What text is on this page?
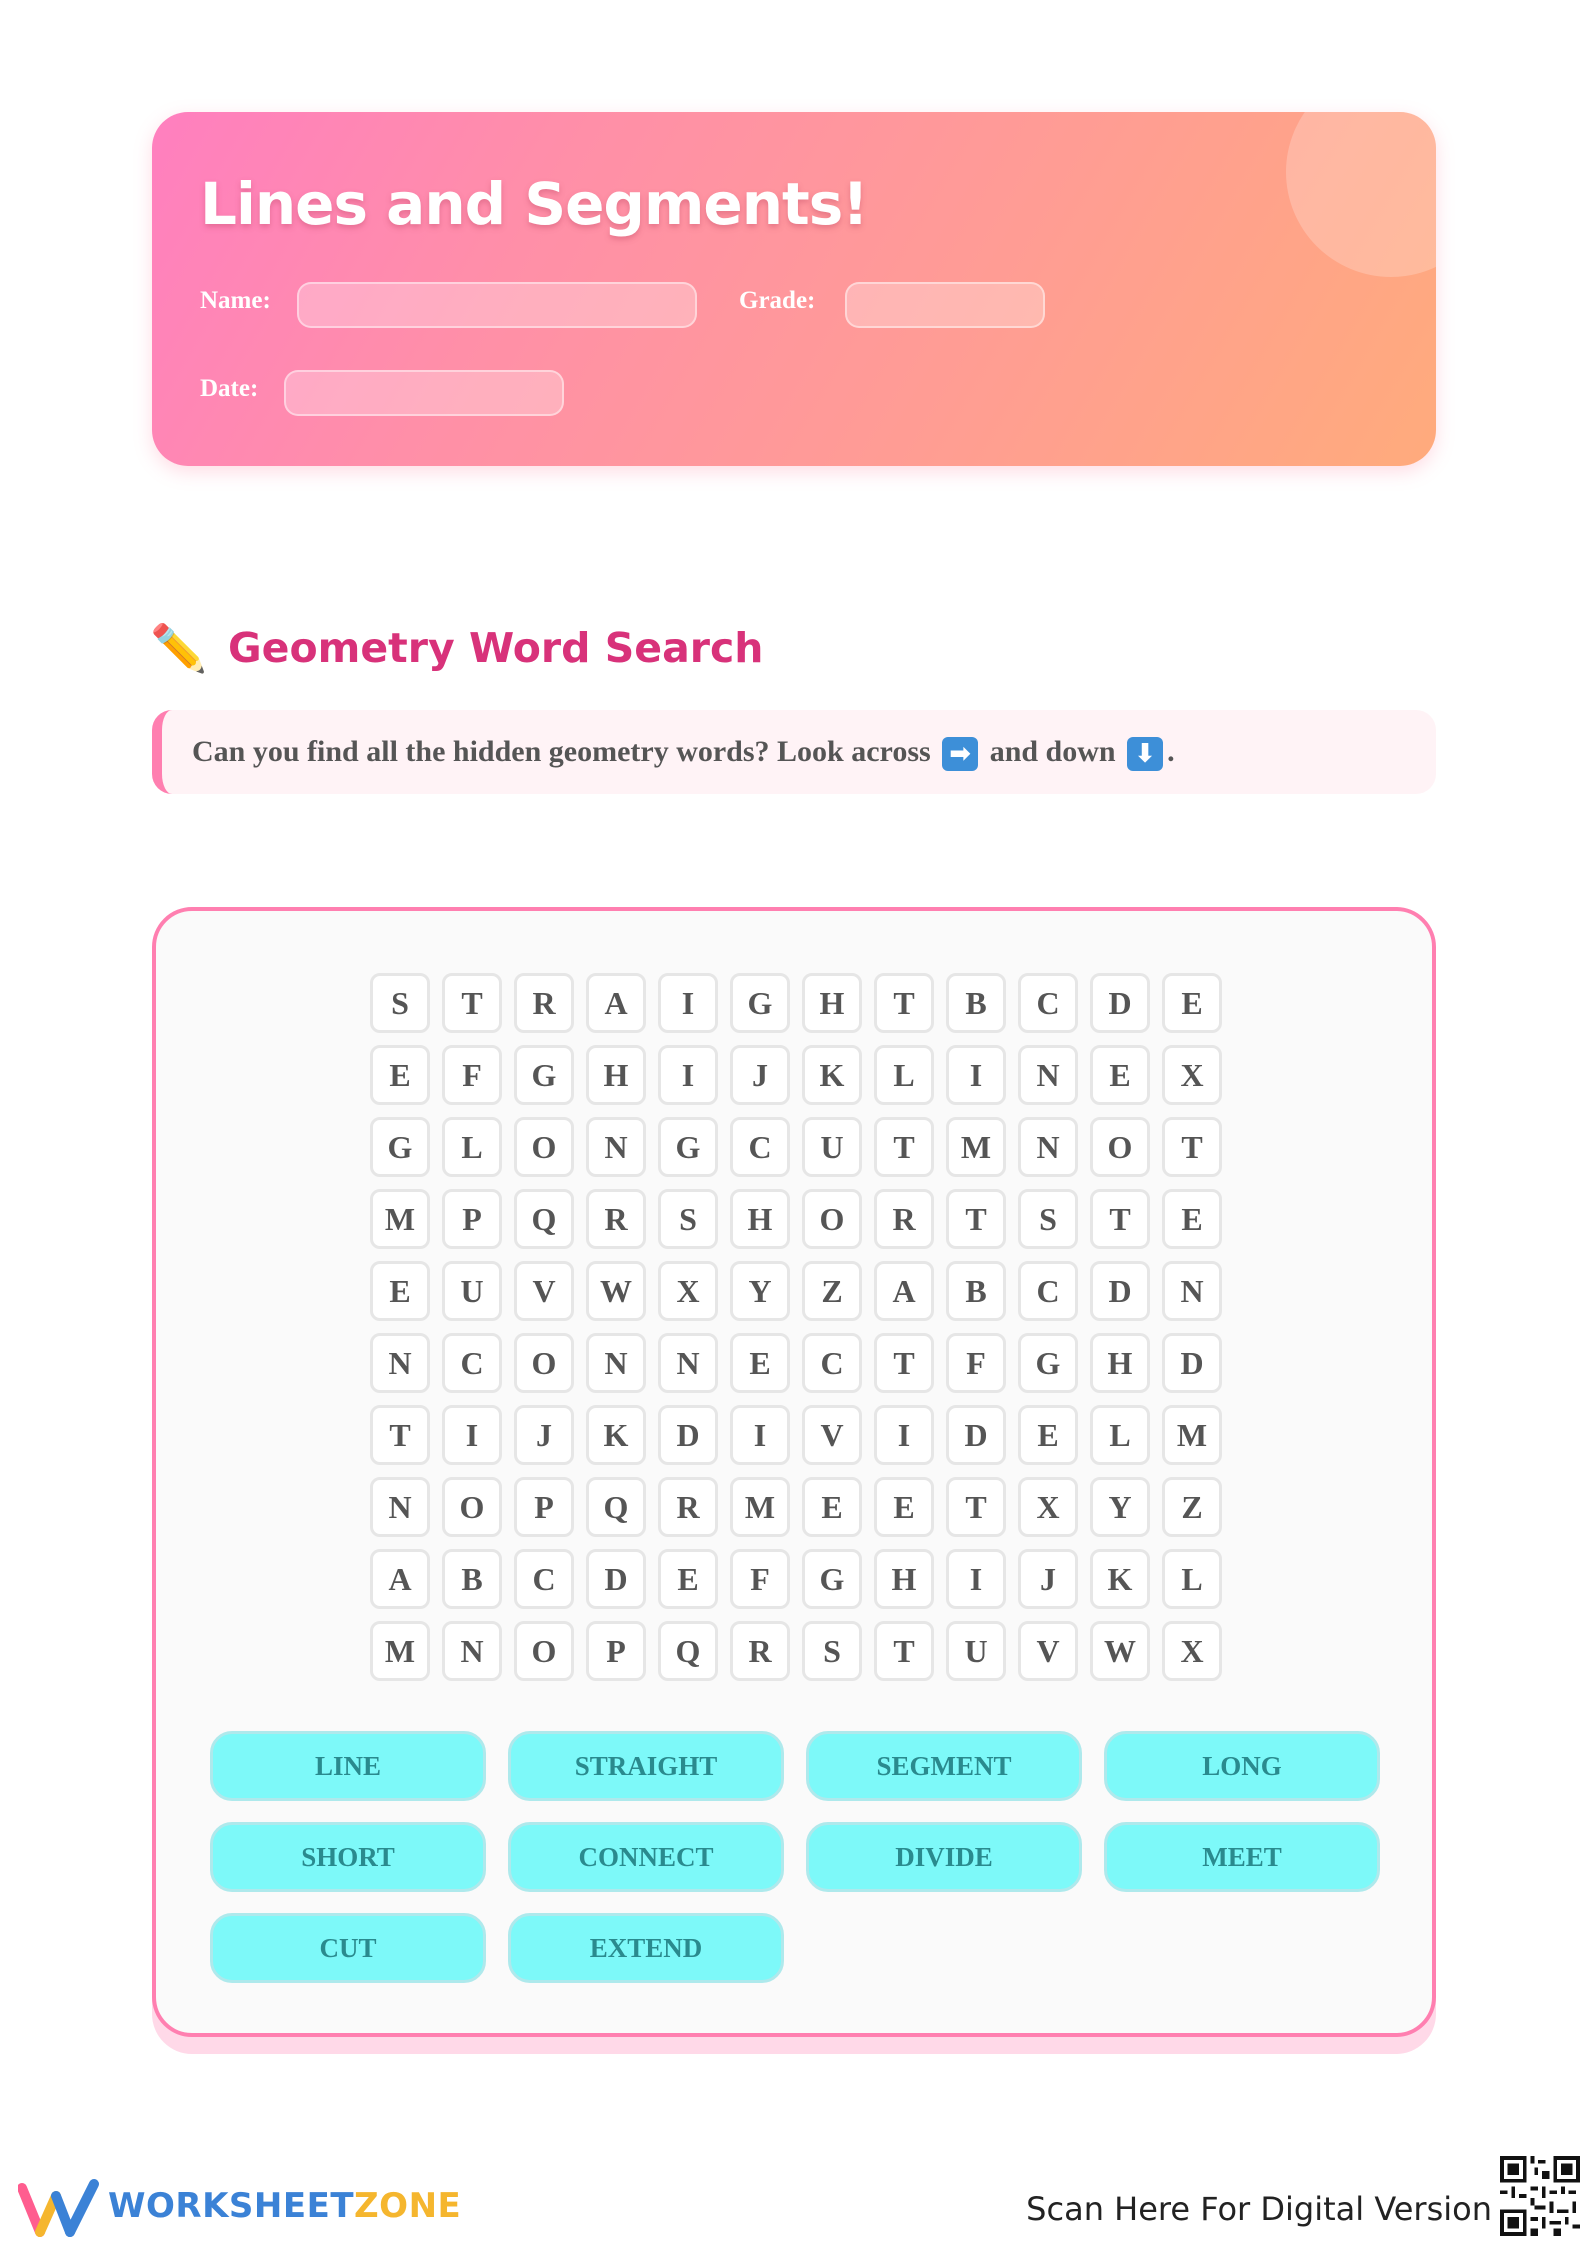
Lines and Segments!
Name:	Grade:
Date:
✏️ Geometry Word Search
Can you find all the hidden geometry words? Look across ➡ and down ⬇ .
S	T	R	A	I	G	H	T	B	C	D	E
E	F	G	H	I	J	K	L	I	N	E	X
G	L	O	N	G	C	U	T	M	N	O	T
M	P	Q	R	S	H	O	R	T	S	T	E
E	U	V	W	X	Y	Z	A	B	C	D	N
N	C	O	N	N	E	C	T	F	G	H	D
T	I	J	K	D	I	V	I	D	E	L	M
N	O	P	Q	R	M	E	E	T	X	Y	Z
A	B	C	D	E	F	G	H	I	J	K	L
M	N	O	P	Q	R	S	T	U	V	W	X
LINE	STRAIGHT	SEGMENT	LONG
SHORT	CONNECT	DIVIDE	MEET
CUT	EXTEND
WORKSHEETZONE	Scan Here For Digital Version
